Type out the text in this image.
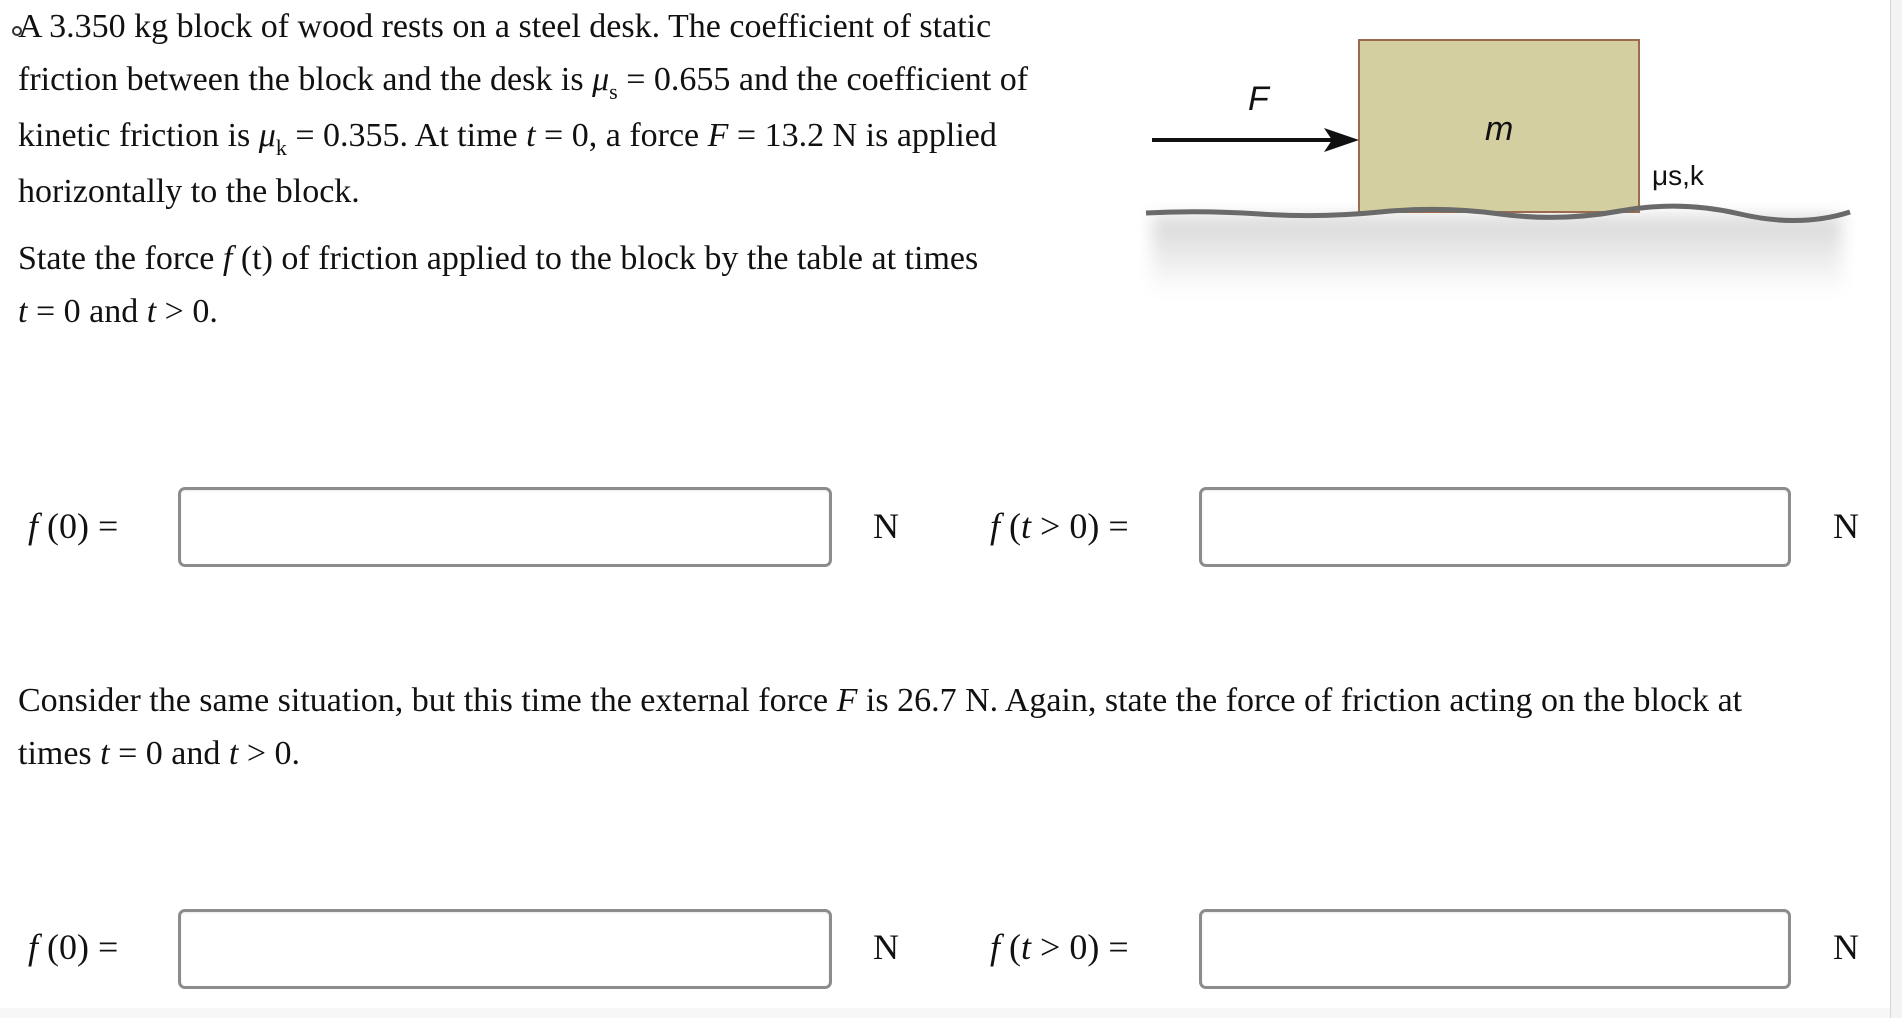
A 3.350 kg block of wood rests on a steel desk. The coefficient of static
friction between the block and the desk is $\mu_s = 0.655$ and the coefficient of
kinetic friction is $\mu_k = 0.355$. At time t = 0, a force F = 13.2 N is applied
horizontally to the block.
State the force f (t) of friction applied to the block by the table at times
t = 0 and t > 0.
f (0) =	N	f (t > 0) =	N
Consider the same situation, but this time the external force F is 26.7 N. Again, state the force of friction acting on the block at
times t = 0 and t > 0.
f (0) =	N	f (t > 0) =	N
F
m
μs,k
